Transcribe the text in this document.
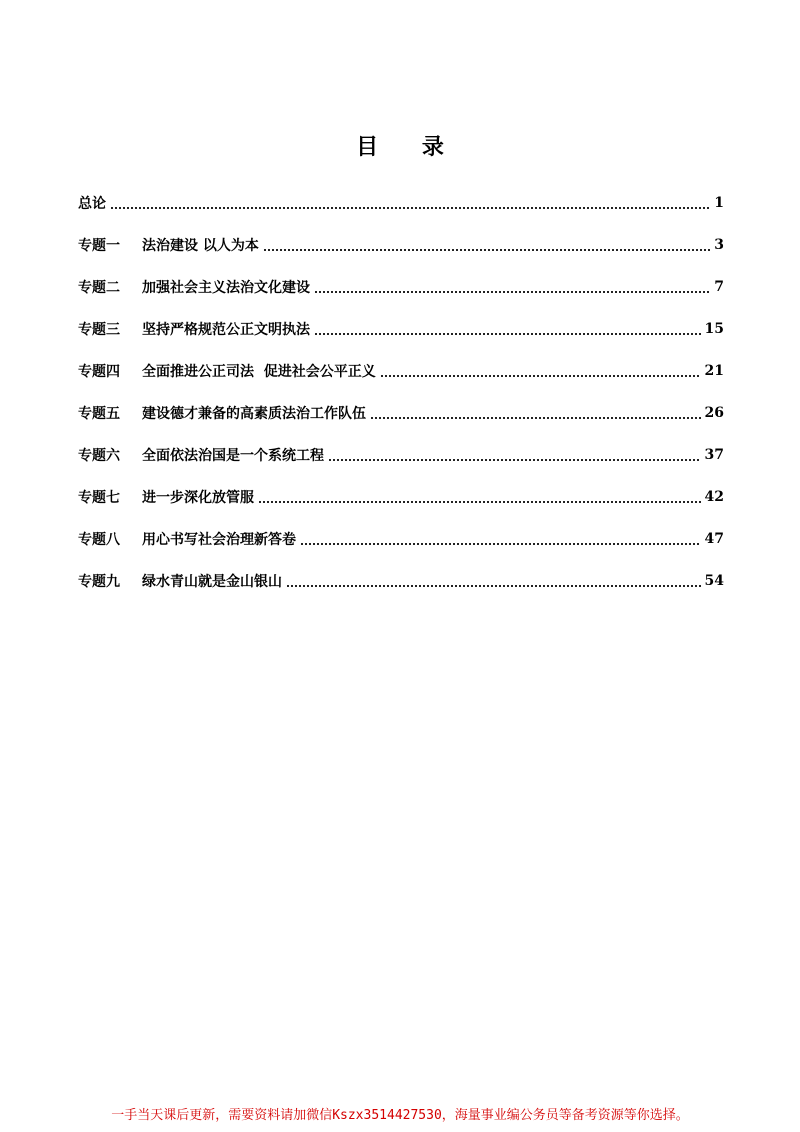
目 录
总论	1
专题一	法治建设 以人为本	3
专题二	加强社会主义法治文化建设	7
专题三	坚持严格规范公正文明执法	15
专题四	全面推进公正司法  促进社会公平正义	21
专题五	建设德才兼备的高素质法治工作队伍	26
专题六	全面依法治国是一个系统工程	37
专题七	进一步深化放管服	42
专题八	用心书写社会治理新答卷	47
专题九	绿水青山就是金山银山	54

一手当天课后更新，需要资料请加微信Kszx3514427530，海量事业编公务员等备考资源等你选择。
